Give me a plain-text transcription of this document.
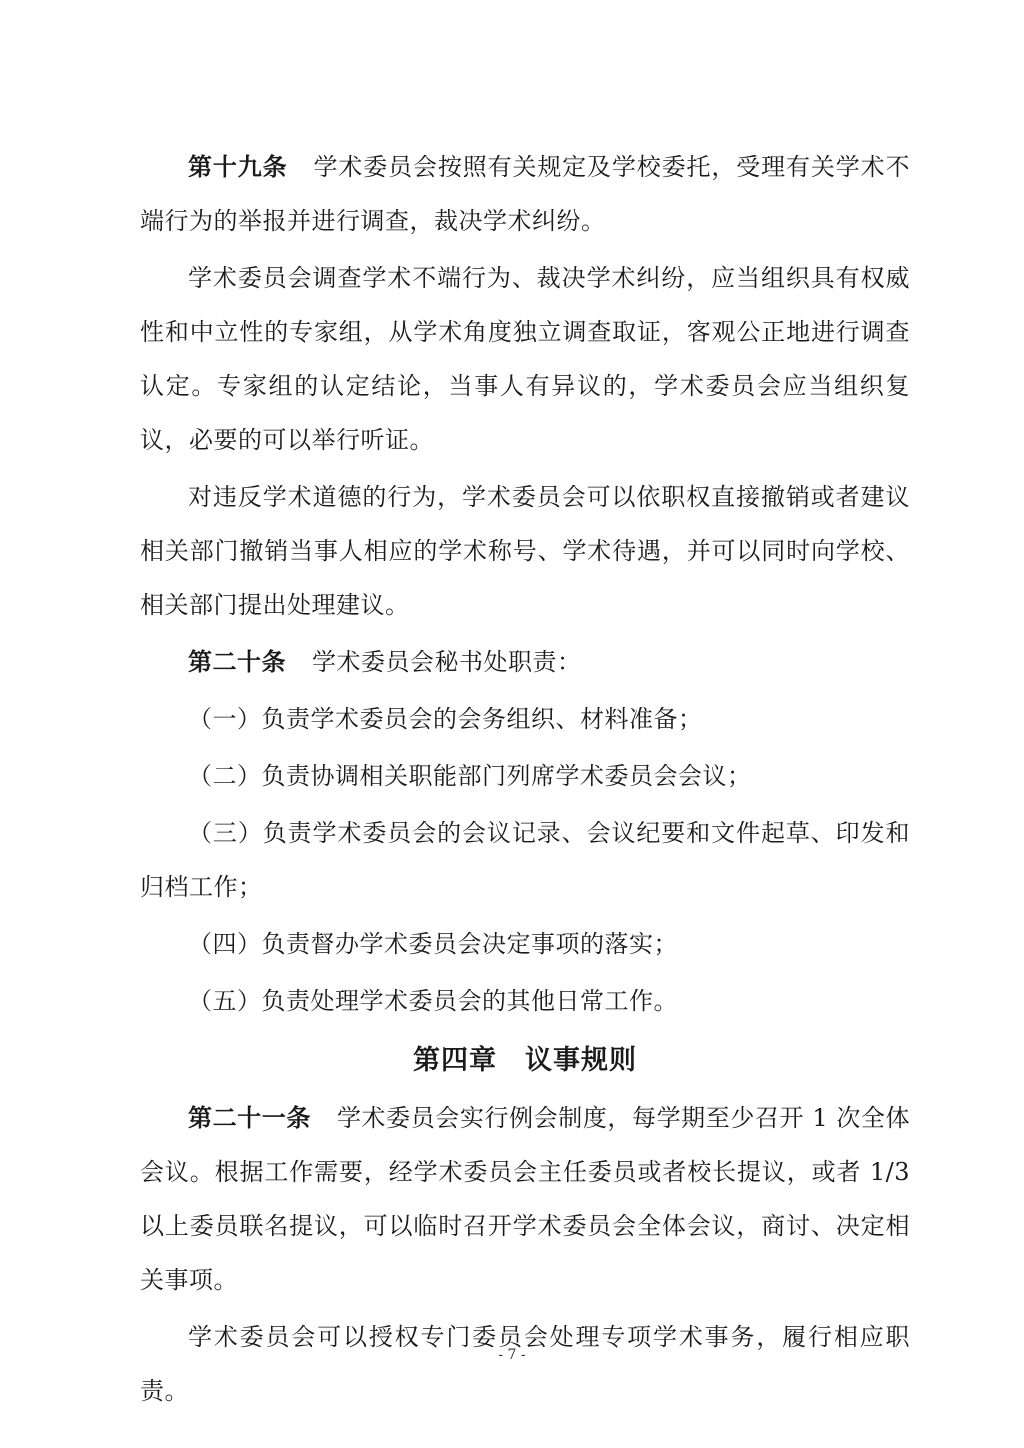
第十九条 学术委员会按照有关规定及学校委托，受理有关学术不端行为的举报并进行调查，裁决学术纠纷。

学术委员会调查学术不端行为、裁决学术纠纷，应当组织具有权威性和中立性的专家组，从学术角度独立调查取证，客观公正地进行调查认定。专家组的认定结论，当事人有异议的，学术委员会应当组织复议，必要的可以举行听证。

对违反学术道德的行为，学术委员会可以依职权直接撤销或者建议相关部门撤销当事人相应的学术称号、学术待遇，并可以同时向学校、相关部门提出处理建议。

第二十条 学术委员会秘书处职责：

（一）负责学术委员会的会务组织、材料准备；

（二）负责协调相关职能部门列席学术委员会会议；

（三）负责学术委员会的会议记录、会议纪要和文件起草、印发和归档工作；

（四）负责督办学术委员会决定事项的落实；

（五）负责处理学术委员会的其他日常工作。

第四章　议事规则

第二十一条 学术委员会实行例会制度，每学期至少召开 1 次全体会议。根据工作需要，经学术委员会主任委员或者校长提议，或者 1/3 以上委员联名提议，可以临时召开学术委员会全体会议，商讨、决定相关事项。

学术委员会可以授权专门委员会处理专项学术事务，履行相应职责。

- 7 -
